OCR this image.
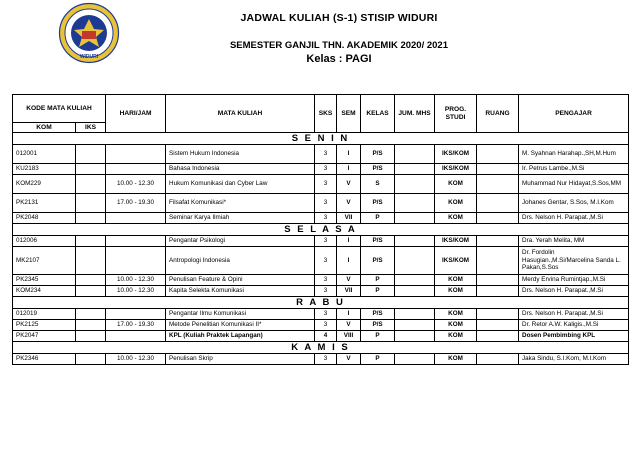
WIDURI
JADWAL KULIAH (S-1) STISIP WIDURI
SEMESTER GANJIL THN. AKADEMIK 2020/ 2021
Kelas : PAGI
KODE MATA KULIAH		HARI/JAM	MATA KULIAH	SKS	SEM	KELAS	JUM. MHS	PROG. STUDI	RUANG	PENGAJAR
KOM	IKS									
S E N I N										
012001			Sistem Hukum Indonesia	3	I	P/S		IKS/KOM		M. Syahnan Harahap.,SH,M.Hum
KU2183			Bahasa Indonesia	3	I	P/S		IKS/KOM		Ir. Petrus Lambe.,M.Si
KOM229		10.00 - 12.30	Hukum Komunikasi dan Cyber Law	3	V	S		KOM		Muhammad Nur Hidayat,S.Sos,MM
PK2131		17.00 - 19.30	Filsafat Komunikasi*	3	V	P/S		KOM		Johanes Gentar, S.Sos, M.I.Kom
PK2048			Seminar Karya Ilmiah	3	VII	P		KOM		Drs. Nelson H. Parapat.,M.Si
S E L A S A										
012006			Pengantar Psikologi	3	I	P/S		IKS/KOM		Dra. Yerah Melita, MM
MK2107			Antropologi Indonesia	3	I	P/S		IKS/KOM		Dr. Fordolin Hasugian.,M.Si/Marcelina Sanda L. Pakan,S.Sos
PK2345		10.00 - 12.30	Penulisan Feature & Opini	3	V	P		KOM		Merdy Ervina Rumintjap.,M.Si
KOM234		10.00 - 12.30	Kapita Selekta Komunikasi	3	VII	P		KOM		Drs. Nelson H. Parapat.,M.Si
R A B U										
012019			Pengantar Ilmu Komunikasi	3	I	P/S		KOM		Drs. Nelson H. Parapat.,M.Si
PK2125		17.00 - 19.30	Metode Penelitian Komunikasi II*	3	V	P/S		KOM		Dr. Retor A.W. Kaligis.,M.Si
PK2047			KPL (Kuliah Praktek Lapangan)	4	VIII	P		KOM		Dosen Pembimbing KPL
K A M I S										
PK2346		10.00 - 12.30	Penulisan Skrip	3	V	P		KOM		Jaka Sindu, S.I.Kom, M.I.Kom
